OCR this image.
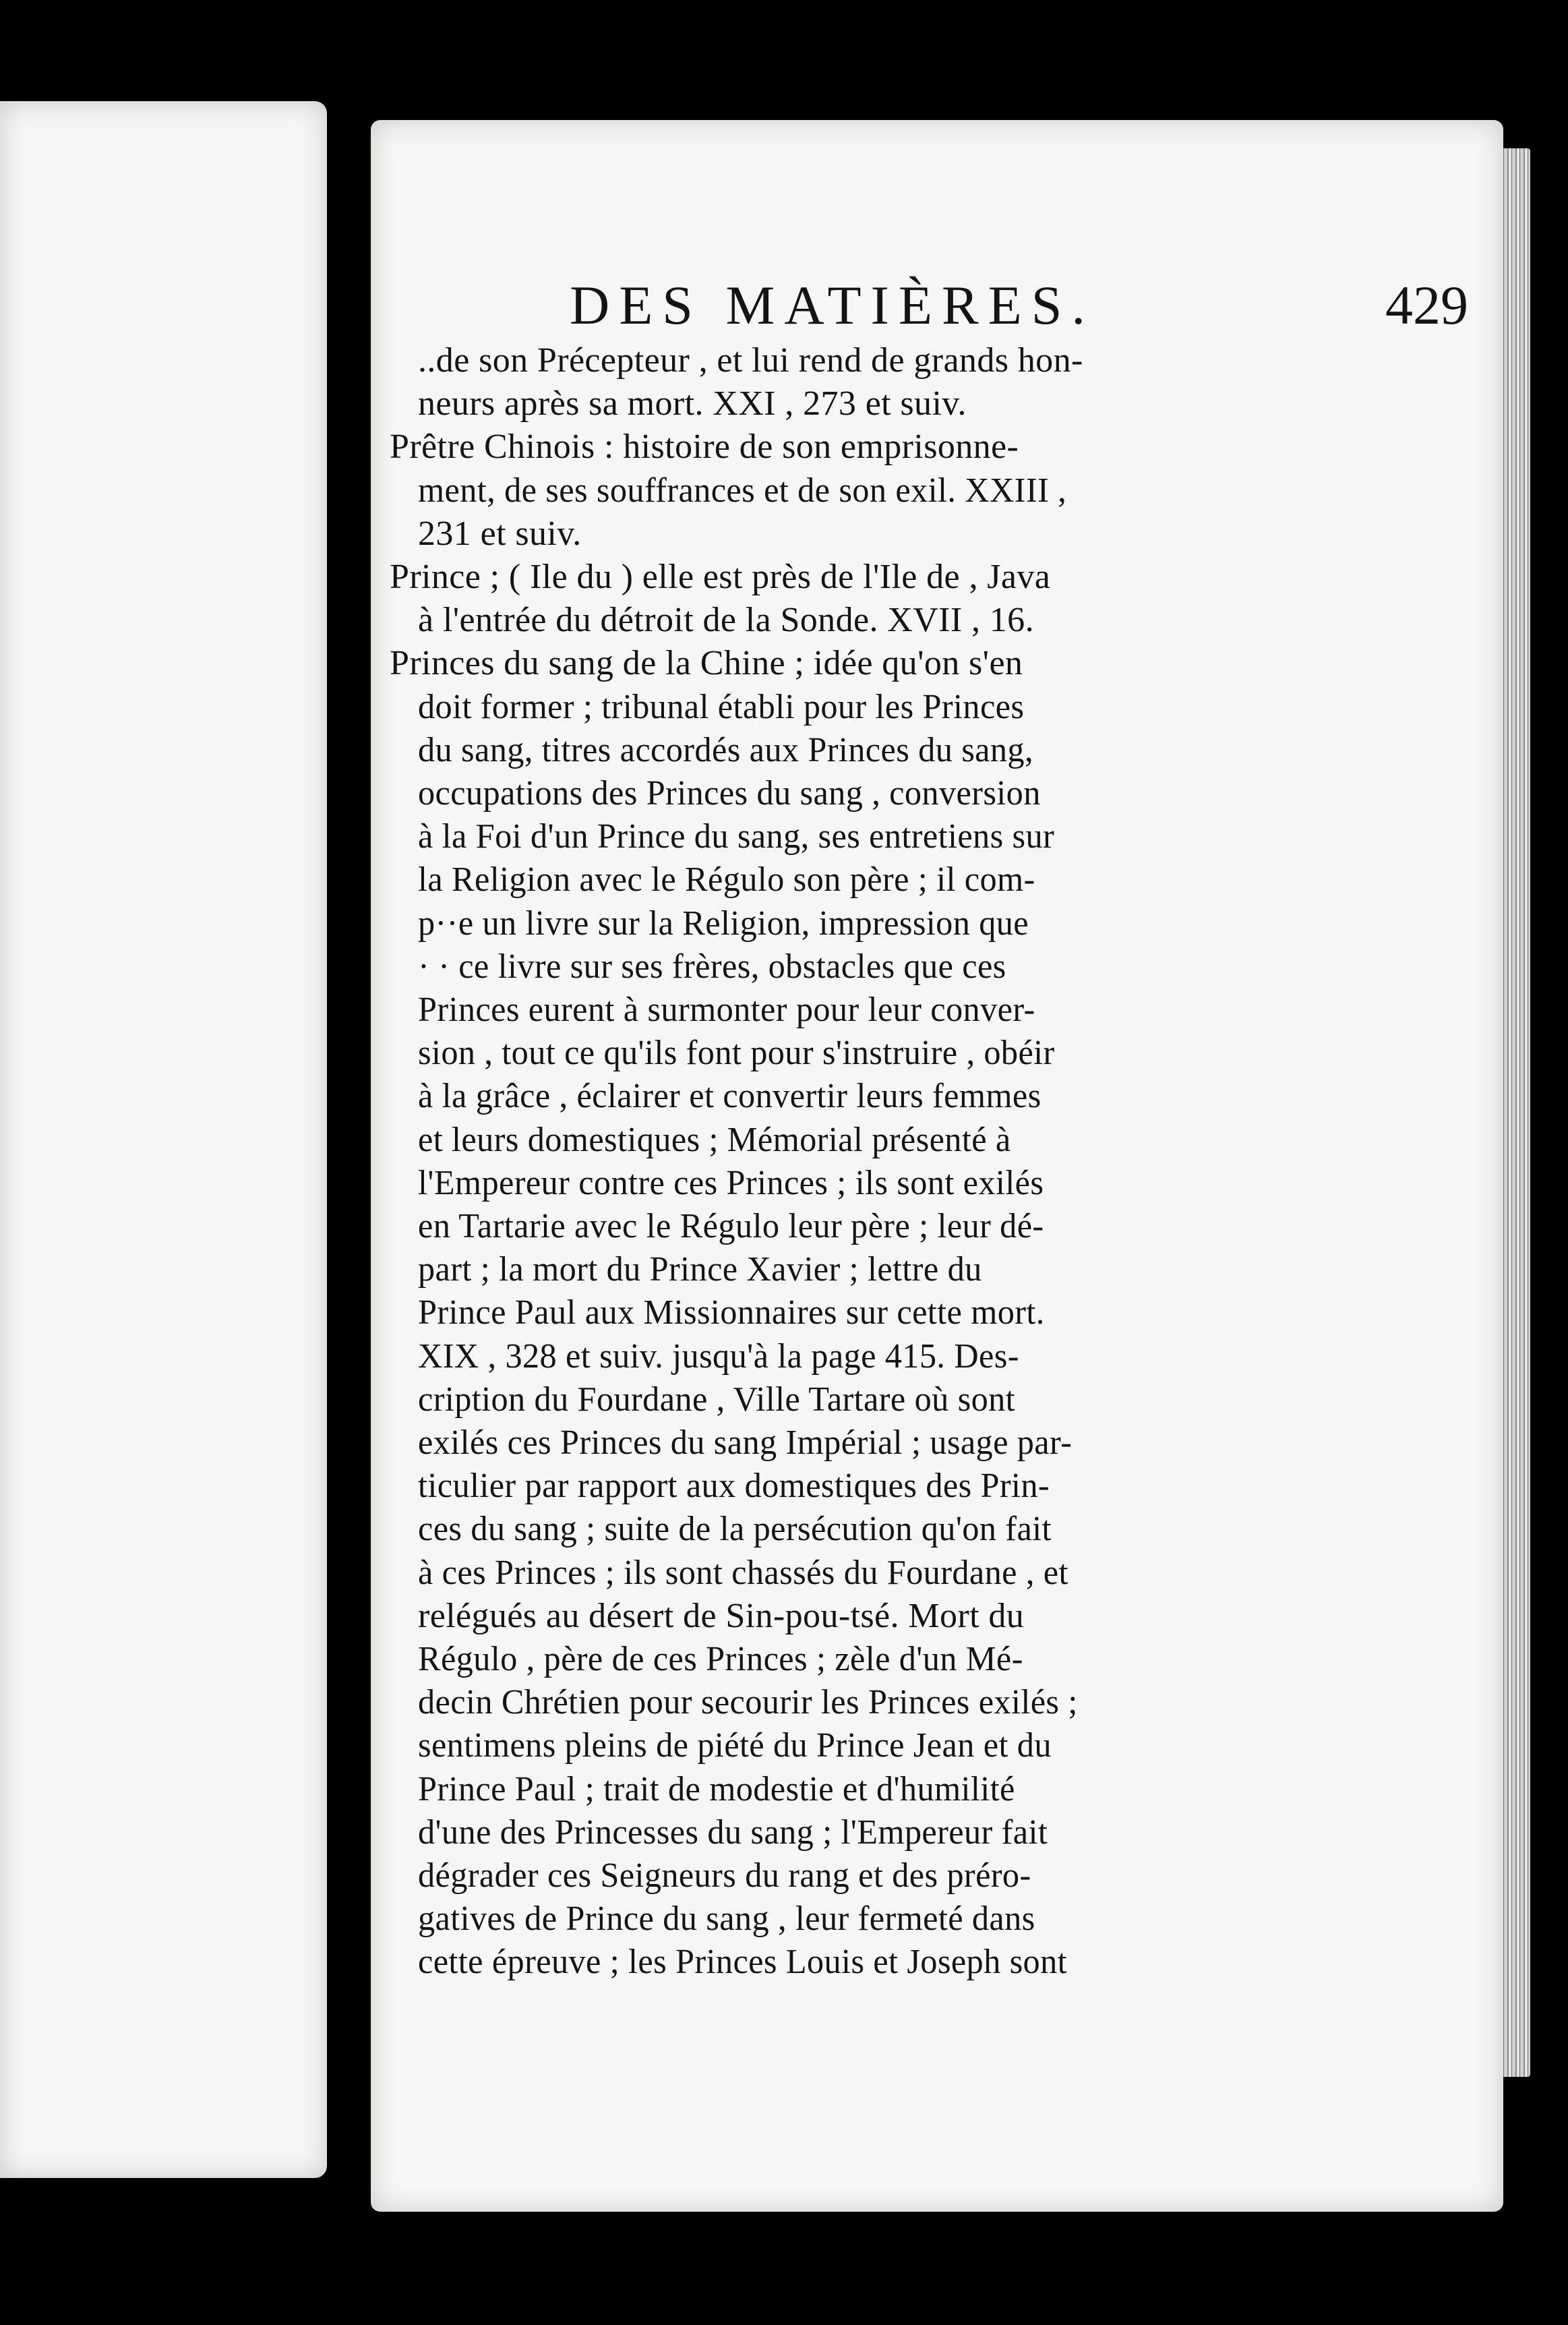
DES MATIÈRES.	429
..de son Précepteur , et lui rend de grands hon-
neurs après sa mort. XXI , 273 et suiv.
Prêtre Chinois : histoire de son emprisonne-
ment, de ses souffrances et de son exil. XXIII ,
231 et suiv.
Prince ; ( Ile du ) elle est près de l'Ile de , Java
à l'entrée du détroit de la Sonde. XVII , 16.
Princes du sang de la Chine ; idée qu'on s'en
doit former ; tribunal établi pour les Princes
du sang, titres accordés aux Princes du sang,
occupations des Princes du sang , conversion
à la Foi d'un Prince du sang, ses entretiens sur
la Religion avec le Régulo son père ; il com-
p··e un livre sur la Religion, impression que
· · ce livre sur ses frères, obstacles que ces
Princes eurent à surmonter pour leur conver-
sion , tout ce qu'ils font pour s'instruire , obéir
à la grâce , éclairer et convertir leurs femmes
et leurs domestiques ; Mémorial présenté à
l'Empereur contre ces Princes ; ils sont exilés
en Tartarie avec le Régulo leur père ; leur dé-
part ; la mort du Prince Xavier ; lettre du
Prince Paul aux Missionnaires sur cette mort.
XIX , 328 et suiv. jusqu'à la page 415. Des-
cription du Fourdane , Ville Tartare où sont
exilés ces Princes du sang Impérial ; usage par-
ticulier par rapport aux domestiques des Prin-
ces du sang ; suite de la persécution qu'on fait
à ces Princes ; ils sont chassés du Fourdane , et
relégués au désert de Sin-pou-tsé. Mort du
Régulo , père de ces Princes ; zèle d'un Mé-
decin Chrétien pour secourir les Princes exilés ;
sentimens pleins de piété du Prince Jean et du
Prince Paul ; trait de modestie et d'humilité
d'une des Princesses du sang ; l'Empereur fait
dégrader ces Seigneurs du rang et des préro-
gatives de Prince du sang , leur fermeté dans
cette épreuve ; les Princes Louis et Joseph sont
